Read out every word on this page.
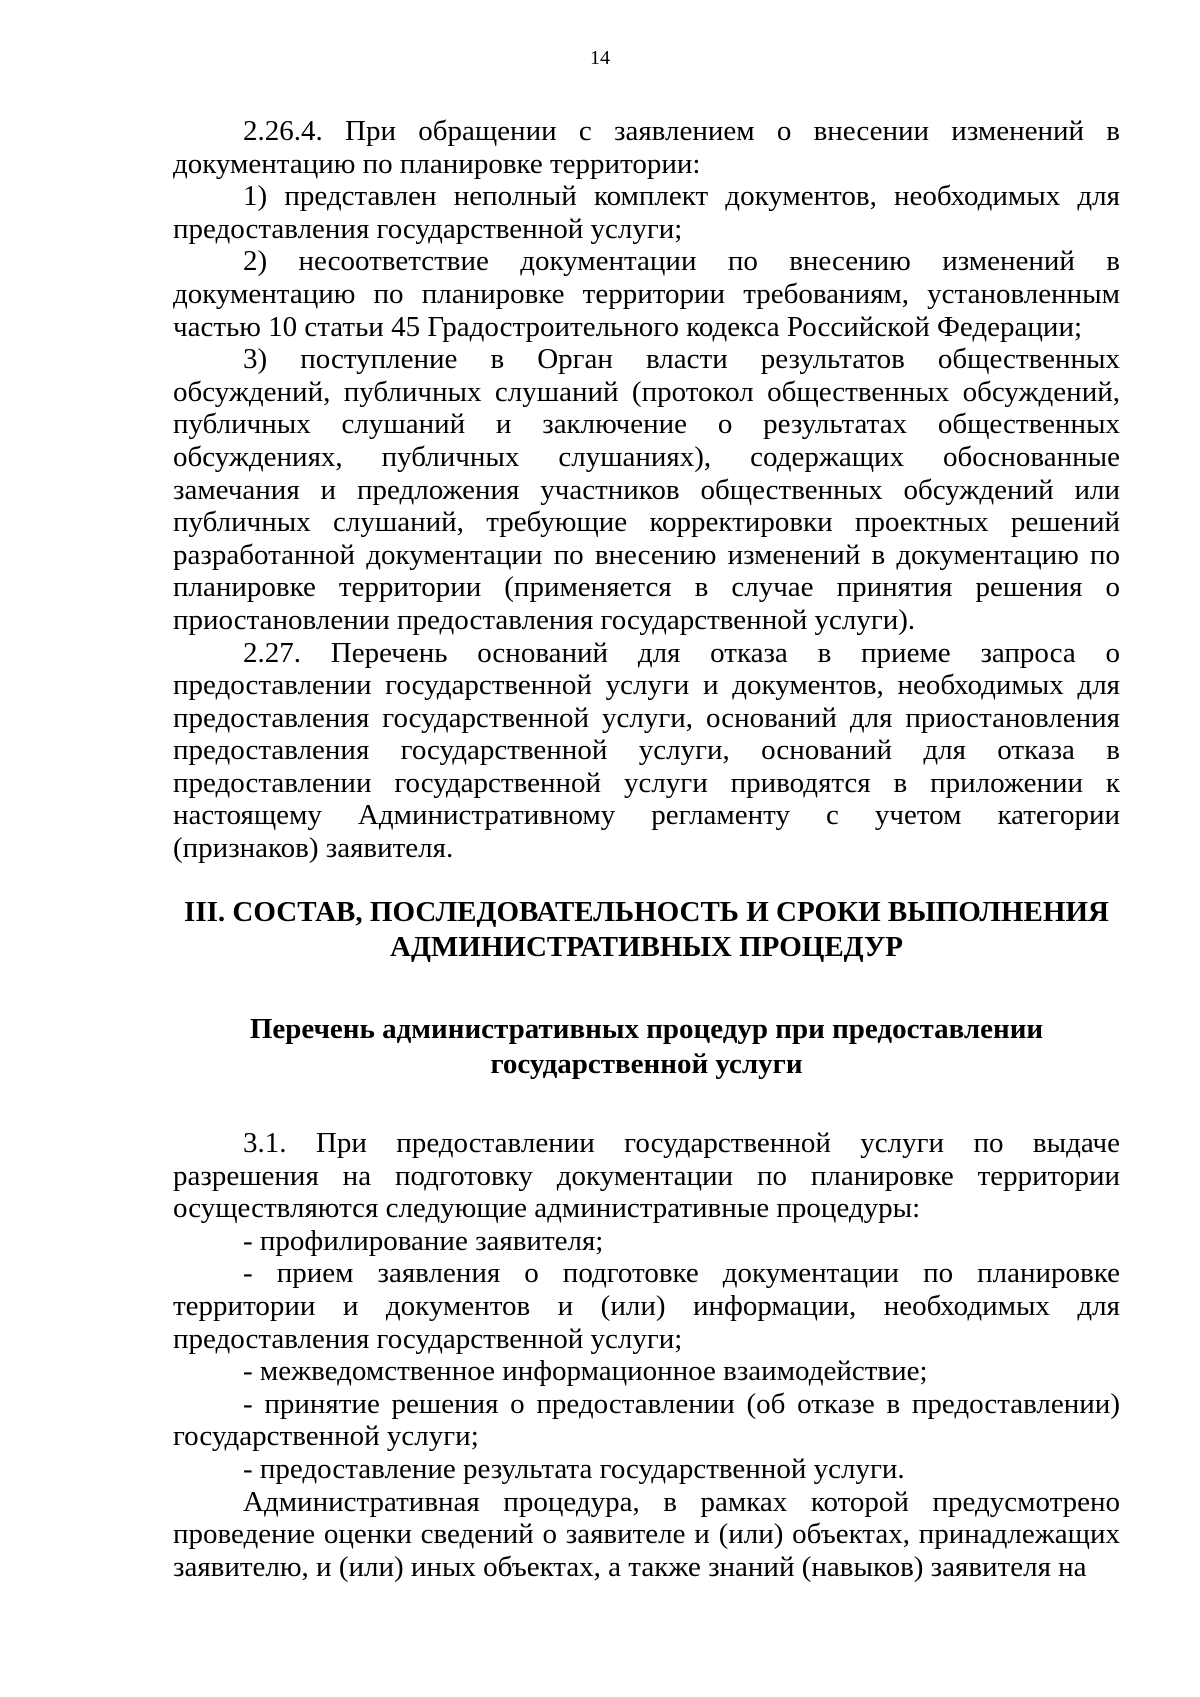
14

2.26.4. При обращении с заявлением о внесении изменений в документацию по планировке территории:

1) представлен неполный комплект документов, необходимых для предоставления государственной услуги;

2) несоответствие документации по внесению изменений в документацию по планировке территории требованиям, установленным частью 10 статьи 45 Градостроительного кодекса Российской Федерации;

3) поступление в Орган власти результатов общественных обсуждений, публичных слушаний (протокол общественных обсуждений, публичных слушаний и заключение о результатах общественных обсуждениях, публичных слушаниях), содержащих обоснованные замечания и предложения участников общественных обсуждений или публичных слушаний, требующие корректировки проектных решений разработанной документации по внесению изменений в документацию по планировке территории (применяется в случае принятия решения о приостановлении предоставления государственной услуги).

2.27. Перечень оснований для отказа в приеме запроса о предоставлении государственной услуги и документов, необходимых для предоставления государственной услуги, оснований для приостановления предоставления государственной услуги, оснований для отказа в предоставлении государственной услуги приводятся в приложении к настоящему Административному регламенту с учетом категории (признаков) заявителя.

III. СОСТАВ, ПОСЛЕДОВАТЕЛЬНОСТЬ И СРОКИ ВЫПОЛНЕНИЯ
АДМИНИСТРАТИВНЫХ ПРОЦЕДУР
Перечень административных процедур при предоставлении
государственной услуги

3.1. При предоставлении государственной услуги по выдаче разрешения на подготовку документации по планировке территории осуществляются следующие административные процедуры:

- профилирование заявителя;

- прием заявления о подготовке документации по планировке территории и документов и (или) информации, необходимых для предоставления государственной услуги;

- межведомственное информационное взаимодействие;

- принятие решения о предоставлении (об отказе в предоставлении) государственной услуги;

- предоставление результата государственной услуги.

Административная процедура, в рамках которой предусмотрено проведение оценки сведений о заявителе и (или) объектах, принадлежащих заявителю, и (или) иных объектах, а также знаний (навыков) заявителя на
